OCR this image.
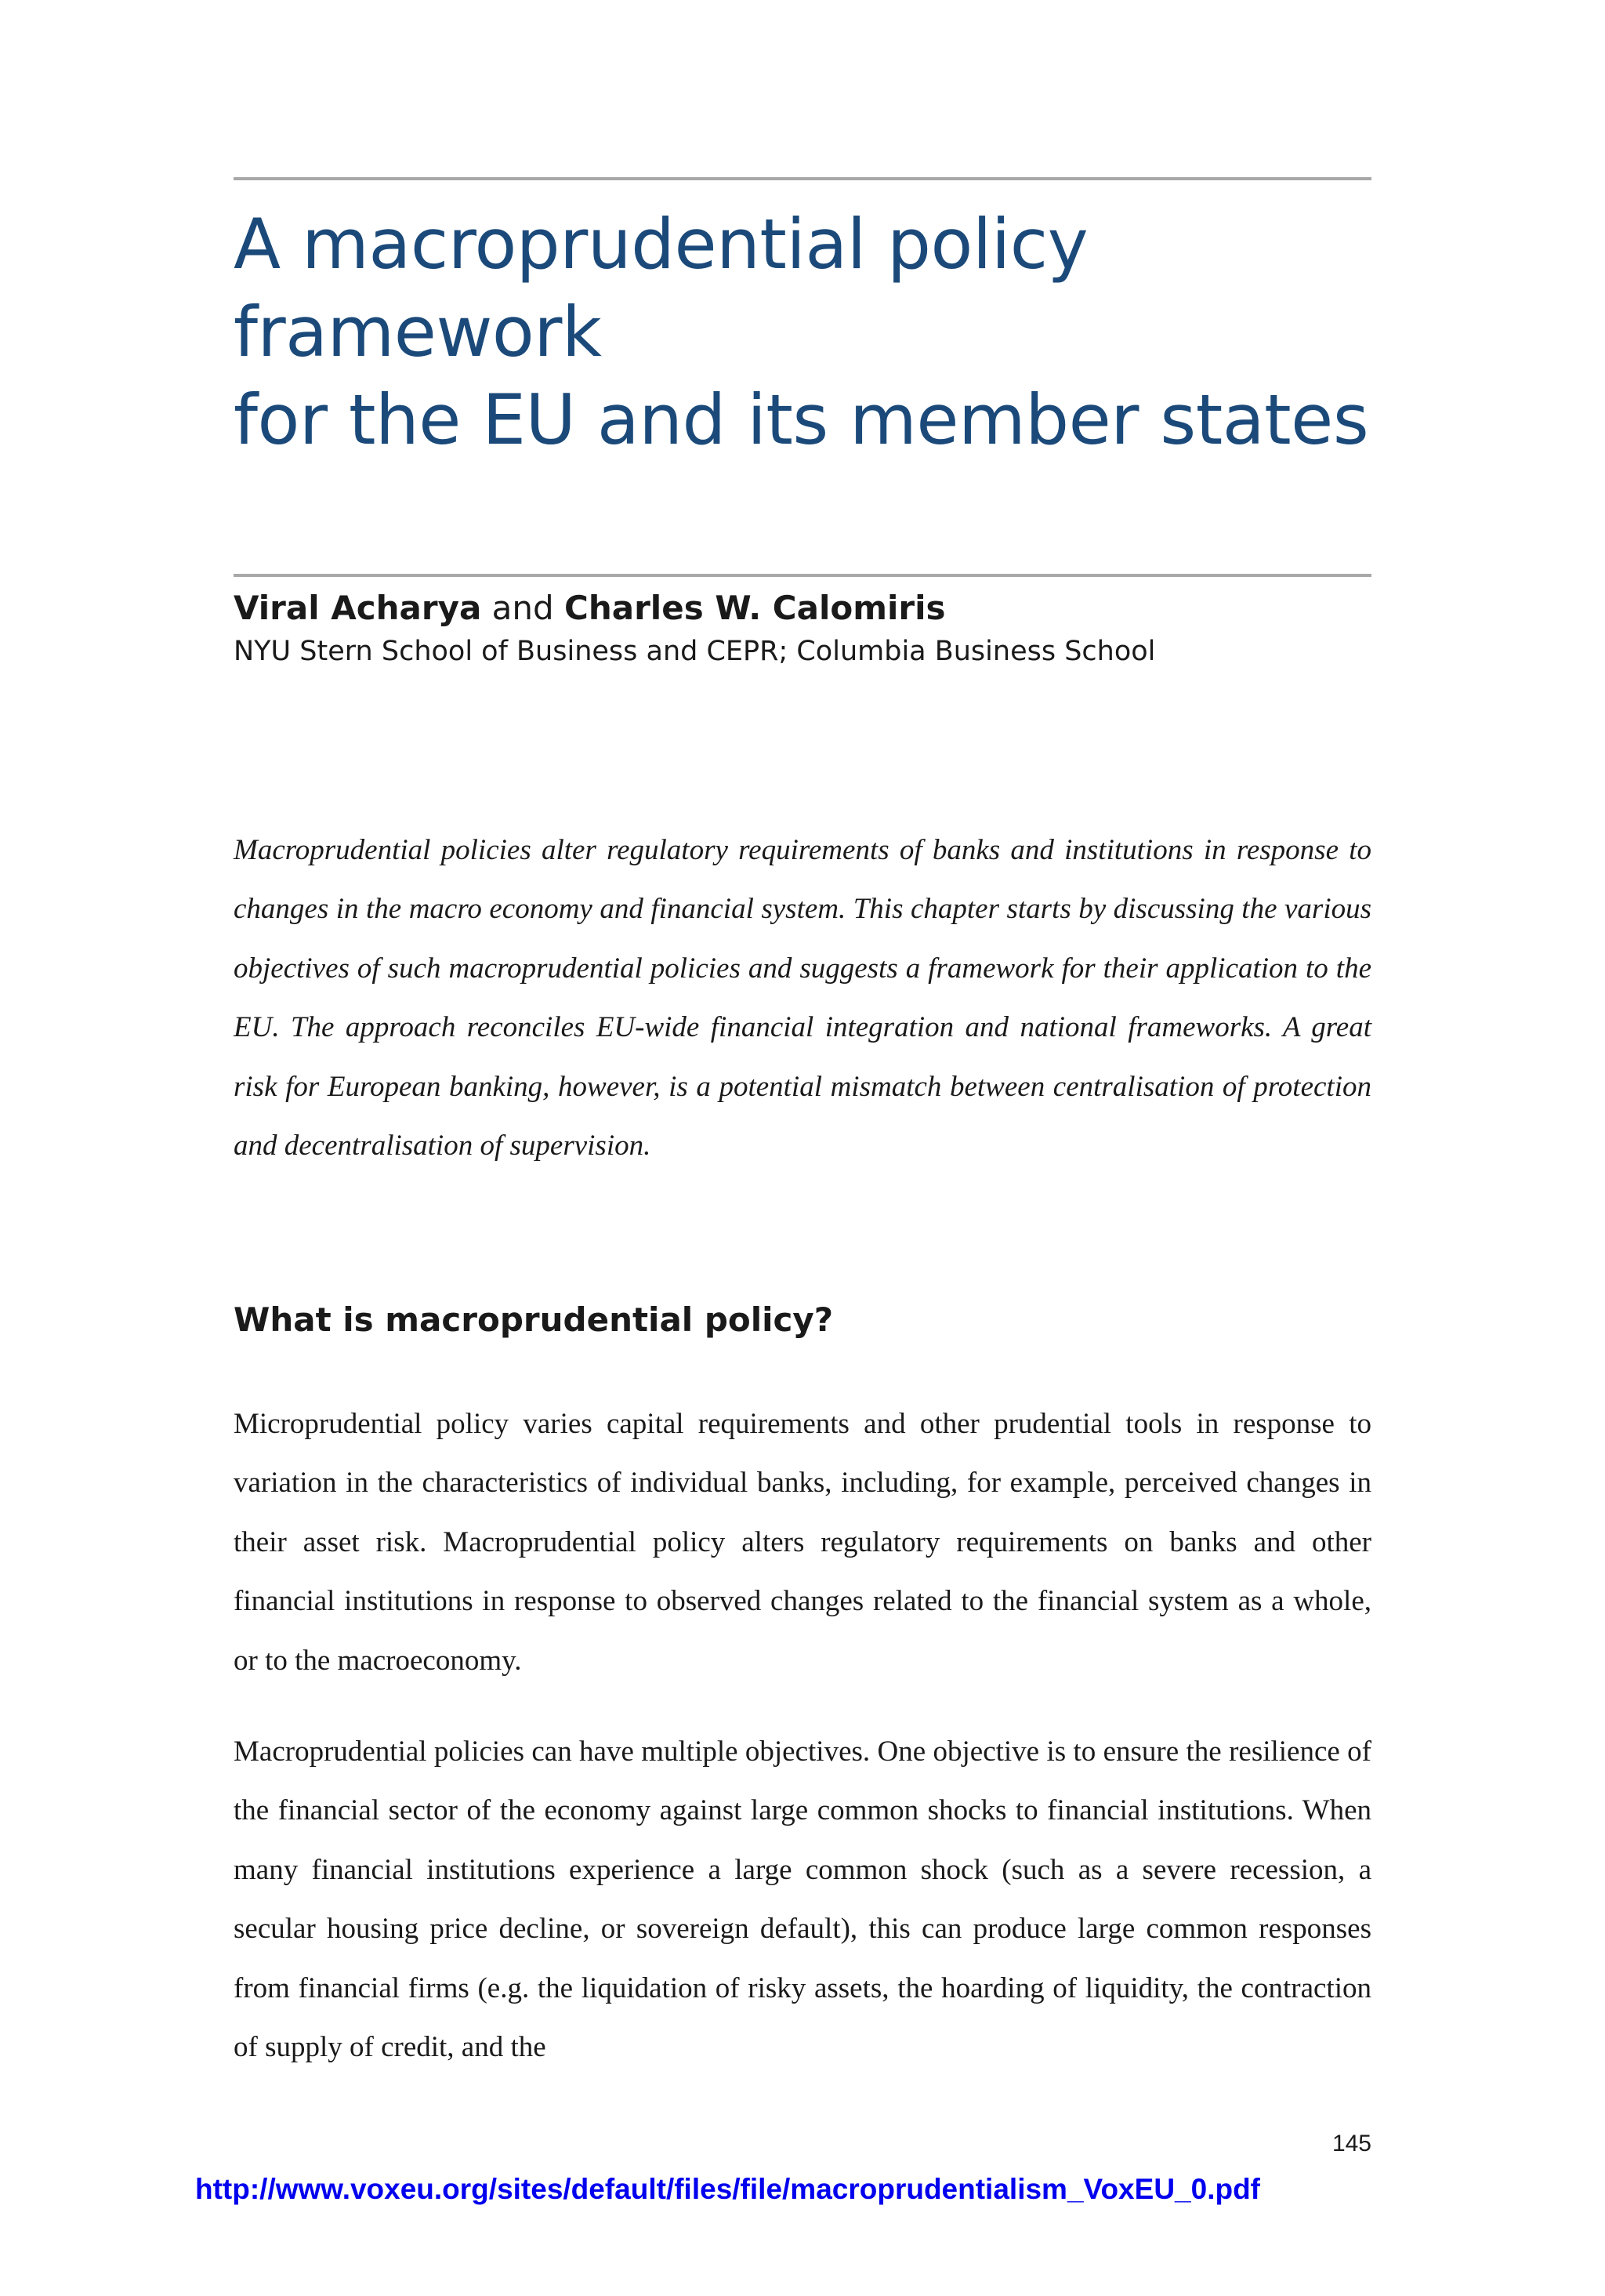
A macroprudential policy framework
for the EU and its member states
Viral Acharya and Charles W. Calomiris
NYU Stern School of Business and CEPR; Columbia Business School

Macroprudential policies alter regulatory requirements of banks and institutions in response to changes in the macro economy and financial system. This chapter starts by discussing the various objectives of such macroprudential policies and suggests a framework for their application to the EU. The approach reconciles EU-wide financial integration and national frameworks. A great risk for European banking, however, is a potential mismatch between centralisation of protection and decentralisation of supervision.

What is macroprudential policy?

Microprudential policy varies capital requirements and other prudential tools in response to variation in the characteristics of individual banks, including, for example, perceived changes in their asset risk. Macroprudential policy alters regulatory requirements on banks and other financial institutions in response to observed changes related to the financial system as a whole, or to the macroeconomy.

Macroprudential policies can have multiple objectives. One objective is to ensure the resilience of the financial sector of the economy against large common shocks to financial institutions. When many financial institutions experience a large common shock (such as a severe recession, a secular housing price decline, or sovereign default), this can produce large common responses from financial firms (e.g. the liquidation of risky assets, the hoarding of liquidity, the contraction of supply of credit, and the

145
http://www.voxeu.org/sites/default/files/file/macroprudentialism_VoxEU_0.pdf
